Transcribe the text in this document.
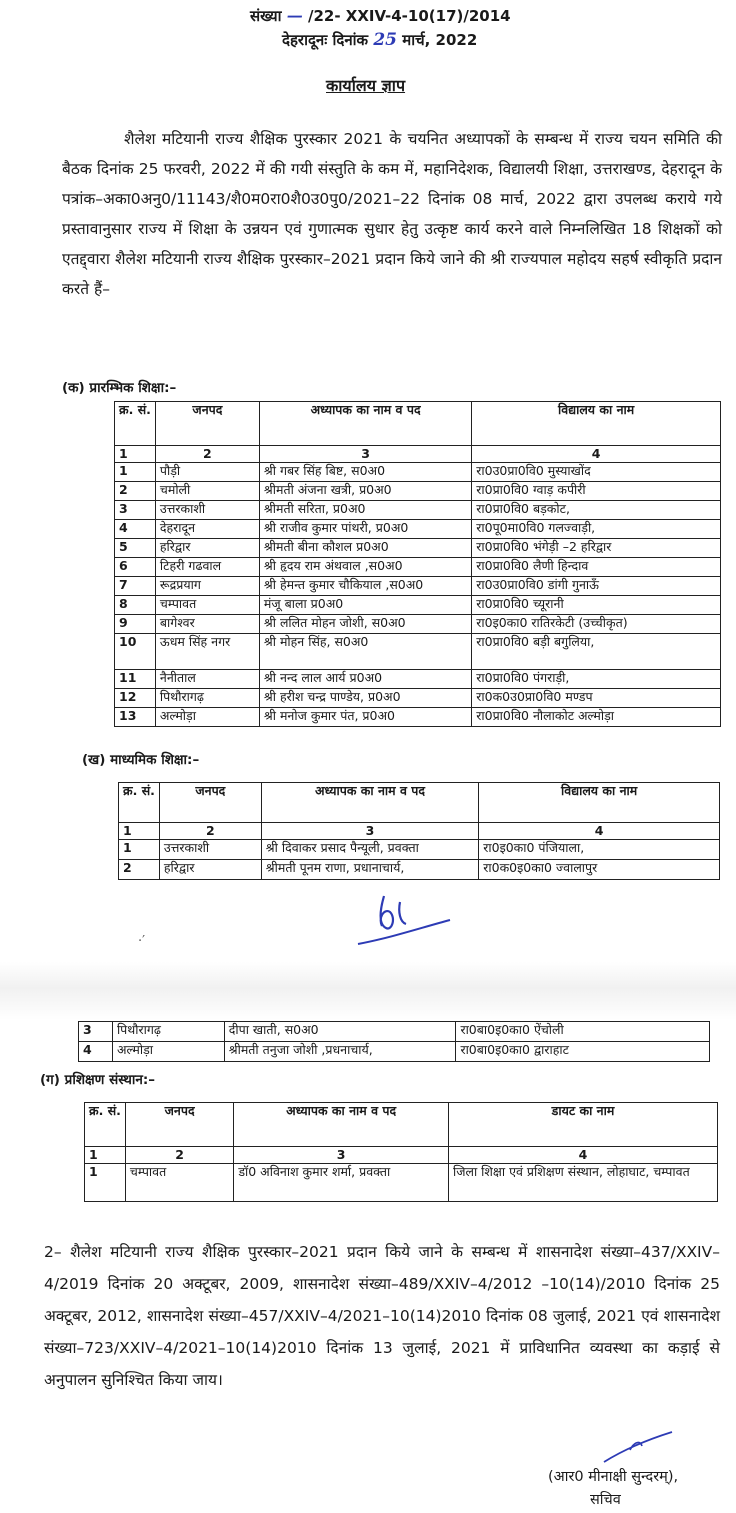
संख्या — /22- XXIV-4-10(17)/2014
देहरादूनः दिनांक 25 मार्च, 2022
कार्यालय ज्ञाप
शैलेश मटियानी राज्य शैक्षिक पुरस्कार 2021 के चयनित अध्यापकों के सम्बन्ध में राज्य चयन समिति की बैठक दिनांक 25 फरवरी, 2022 में की गयी संस्तुति के कम में, महानिदेशक, विद्यालयी शिक्षा, उत्तराखण्ड, देहरादून के पत्रांक–अका0अनु0/11143/शै0म0रा0शै0उ0पु0/2021–22 दिनांक 08 मार्च, 2022 द्वारा उपलब्ध कराये गये प्रस्तावानुसार राज्य में शिक्षा के उन्नयन एवं गुणात्मक सुधार हेतु उत्कृष्ट कार्य करने वाले निम्नलिखित 18 शिक्षकों को एतद्द्वारा शैलेश मटियानी राज्य शैक्षिक पुरस्कार–2021 प्रदान किये जाने की श्री राज्यपाल महोदय सहर्ष स्वीकृति प्रदान करते हैं–
(क) प्रारम्भिक शिक्षा:–
क्र. सं.	जनपद	अध्यापक का नाम व पद	विद्यालय का नाम
1	2	3	4
1	पौड़ी	श्री गबर सिंह बिष्ट, स0अ0	रा0उ0प्रा0वि0 मुस्याखोंद
2	चमोली	श्रीमती अंजना खत्री, प्र0अ0	रा0प्रा0वि0 ग्वाड़ कपीरी
3	उत्तरकाशी	श्रीमती सरिता, प्र0अ0	रा0प्रा0वि0 बड़कोट,
4	देहरादून	श्री राजीव कुमार पांथरी, प्र0अ0	रा0पू0मा0वि0 गलज्वाड़ी,
5	हरिद्वार	श्रीमती बीना कौशल प्र0अ0	रा0प्रा0वि0 भंगेड़ी –2 हरिद्वार
6	टिहरी गढवाल	श्री हृदय राम अंथवाल ,स0अ0	रा0प्रा0वि0 लैणी हिन्दाव
7	रूद्रप्रयाग	श्री हेमन्त कुमार चौकियाल ,स0अ0	रा0उ0प्रा0वि0 डांगी गुनाऊँ
8	चम्पावत	मंजू बाला प्र0अ0	रा0प्रा0वि0 च्यूरानी
9	बागेश्वर	श्री ललित मोहन जोशी, स0अ0	रा0इ0का0 रातिरकेटी (उच्चीकृत)
10	ऊधम सिंह नगर	श्री मोहन सिंह, स0अ0	रा0प्रा0वि0 बड़ी बगुलिया,
11	नैनीताल	श्री नन्द लाल आर्य प्र0अ0	रा0प्रा0वि0 पंगराड़ी,
12	पिथौरागढ़	श्री हरीश चन्द्र पाण्डेय, प्र0अ0	रा0क0उ0प्रा0वि0 मण्डप
13	अल्मोड़ा	श्री मनोज कुमार पंत, प्र0अ0	रा0प्रा0वि0 नौलाकोट अल्मोड़ा
(ख) माध्यमिक शिक्षा:–
क्र. सं.	जनपद	अध्यापक का नाम व पद	विद्यालय का नाम
1	2	3	4
1	उत्तरकाशी	श्री दिवाकर प्रसाद पैन्यूली, प्रवक्ता	रा0इ0का0 पंजियाला,
2	हरिद्वार	श्रीमती पूनम राणा, प्रधानाचार्य,	रा0क0इ0का0 ज्वालापुर
·′
3	पिथौरागढ़	दीपा खाती, स0अ0	रा0बा0इ0का0 ऐंचोली
4	अल्मोड़ा	श्रीमती तनुजा जोशी ,प्रधनाचार्य,	रा0बा0इ0का0 द्वाराहाट
(ग) प्रशिक्षण संस्थान:–
क्र. सं.	जनपद	अध्यापक का नाम व पद	डायट का नाम
1	2	3	4
1	चम्पावत	डॉ0 अविनाश कुमार शर्मा, प्रवक्ता	जिला शिक्षा एवं प्रशिक्षण संस्थान, लोहाघाट, चम्पावत
2– शैलेश मटियानी राज्य शैक्षिक पुरस्कार–2021 प्रदान किये जाने के सम्बन्ध में शासनादेश संख्या–437/XXIV–4/2019 दिनांक 20 अक्टूबर, 2009, शासनादेश संख्या–489/XXIV–4/2012 –10(14)/2010 दिनांक 25 अक्टूबर, 2012, शासनादेश संख्या–457/XXIV–4/2021–10(14)2010 दिनांक 08 जुलाई, 2021 एवं शासनादेश संख्या–723/XXIV–4/2021–10(14)2010 दिनांक 13 जुलाई, 2021 में प्राविधानित व्यवस्था का कड़ाई से अनुपालन सुनिश्चित किया जाय।
(आर0 मीनाक्षी सुन्दरम्),
सचिव
